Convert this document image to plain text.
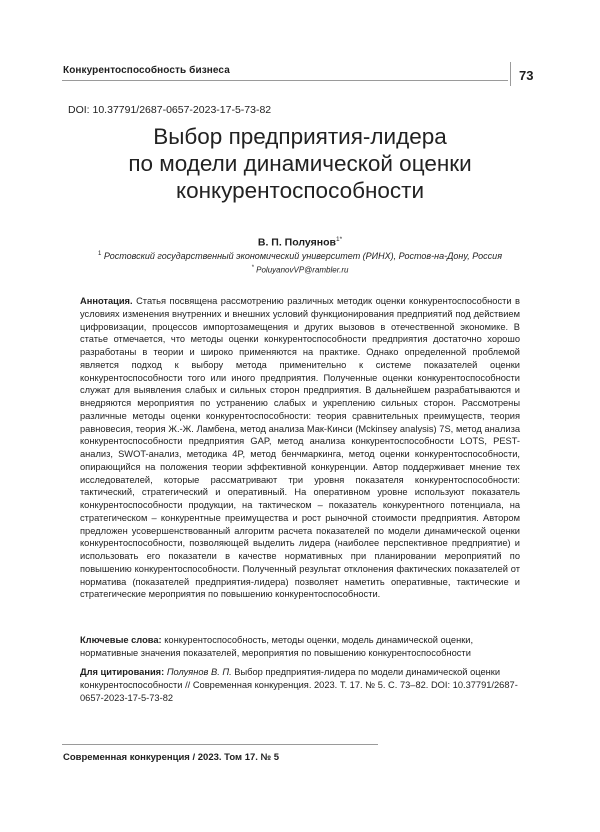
Конкурентоспособность бизнеса	73
DOI: 10.37791/2687-0657-2023-17-5-73-82
Выбор предприятия-лидера
по модели динамической оценки
конкурентоспособности
В. П. Полуянов$^{1*}$
$^1$ Ростовский государственный экономический университет (РИНХ), Ростов-на-Дону, Россия
* PoluyanovVP@rambler.ru
Аннотация. Статья посвящена рассмотрению различных методик оценки конкурентоспособности в условиях изменения внутренних и внешних условий функционирования предприятий под действием цифровизации, процессов импортозамещения и других вызовов в отечественной экономике. В статье отмечается, что методы оценки конкурентоспособности предприятия достаточно хорошо разработаны в теории и широко применяются на практике. Однако определенной проблемой является подход к выбору метода применительно к системе показателей оценки конкурентоспособности того или иного предприятия. Полученные оценки конкурентоспособности служат для выявления слабых и сильных сторон предприятия. В дальнейшем разрабатываются и внедряются мероприятия по устранению слабых и укреплению сильных сторон. Рассмотрены различные методы оценки конкурентоспособности: теория сравнительных преимуществ, теория равновесия, теория Ж.-Ж. Ламбена, метод анализа Мак-Кинси (Mckinsey analysis) 7S, метод анализа конкурентоспособности предприятия GAP, метод анализа конкурентоспособности LOTS, PEST-анализ, SWOT-анализ, методика 4P, метод бенчмаркинга, метод оценки конкурентоспособности, опирающийся на положения теории эффективной конкуренции. Автор поддерживает мнение тех исследователей, которые рассматривают три уровня показателя конкурентоспособности: тактический, стратегический и оперативный. На оперативном уровне используют показатель конкурентоспособности продукции, на тактическом – показатель конкурентного потенциала, на стратегическом – конкурентные преимущества и рост рыночной стоимости предприятия. Автором предложен усовершенствованный алгоритм расчета показателей по модели динамической оценки конкурентоспособности, позволяющей выделить лидера (наиболее перспективное предприятие) и использовать его показатели в качестве нормативных при планировании мероприятий по повышению конкурентоспособности. Полученный результат отклонения фактических показателей от норматива (показателей предприятия-лидера) позволяет наметить оперативные, тактические и стратегические мероприятия по повышению конкурентоспособности.
Ключевые слова: конкурентоспособность, методы оценки, модель динамической оценки, нормативные значения показателей, мероприятия по повышению конкурентоспособности
Для цитирования: Полуянов В. П. Выбор предприятия-лидера по модели динамической оценки конкурентоспособности // Современная конкуренция. 2023. Т. 17. № 5. С. 73–82. DOI: 10.37791/2687-0657-2023-17-5-73-82
Современная конкуренция / 2023. Том 17. № 5
